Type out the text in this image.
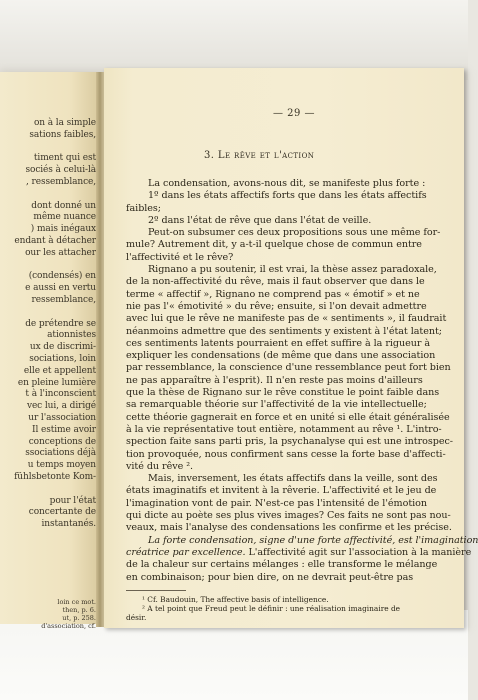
on à la simple
sations faibles,
timent qui est
sociés à celui-là
, ressemblance,
dont donné un
même nuance
) mais inégaux
endant à détacher
our les attacher
(condensés) en
e aussi en vertu
ressemblance,
de prétendre se
ationnistes
ux de discrimi-
sociations, loin
elle et appellent
en pleine lumière
t à l'inconscient
vec lui, a dirigé
ur l'association
Il estime avoir
conceptions de
ssociations déjà
u temps moyen
fühlsbetonte Kom-
pour l'état
concertante de
instantanés.
loin ce mot.
then, p. 6.
ut, p. 258.
d'association, cf.
— 29 —
3. Le rêve et l'action
La condensation, avons-nous dit, se manifeste plus forte :
1º dans les états affectifs forts que dans les états affectifs
faibles;
2º dans l'état de rêve que dans l'état de veille.
Peut-on subsumer ces deux propositions sous une même for-
mule? Autrement dit, y a-t-il quelque chose de commun entre
l'affectivité et le rêve?
Rignano a pu soutenir, il est vrai, la thèse assez paradoxale,
de la non-affectivité du rêve, mais il faut observer que dans le
terme « affectif », Rignano ne comprend pas « émotif » et ne
nie pas l'« émotivité » du rêve; ensuite, si l'on devait admettre
avec lui que le rêve ne manifeste pas de « sentiments », il faudrait
néanmoins admettre que des sentiments y existent à l'état latent;
ces sentiments latents pourraient en effet suffire à la rigueur à
expliquer les condensations (de même que dans une association
par ressemblance, la conscience d'une ressemblance peut fort bien
ne pas apparaître à l'esprit). Il n'en reste pas moins d'ailleurs
que la thèse de Rignano sur le rêve constitue le point faible dans
sa remarquable théorie sur l'affectivité de la vie intellectuelle;
cette théorie gagnerait en force et en unité si elle était généralisée
à la vie représentative tout entière, notamment au rêve ¹. L'intro-
spection faite sans parti pris, la psychanalyse qui est une introspec-
tion provoquée, nous confirment sans cesse la forte base d'affecti-
vité du rêve ².
Mais, inversement, les états affectifs dans la veille, sont des
états imaginatifs et invitent à la rêverie. L'affectivité et le jeu de
l'imagination vont de pair. N'est-ce pas l'intensité de l'émotion
qui dicte au poète ses plus vives images? Ces faits ne sont pas nou-
veaux, mais l'analyse des condensations les confirme et les précise.
La forte condensation, signe d'une forte affectivité, est l'imagination
créatrice par excellence. L'affectivité agit sur l'association à la manière
de la chaleur sur certains mélanges : elle transforme le mélange
en combinaison; pour bien dire, on ne devrait peut-être pas
¹ Cf. Baudouin, The affective basis of intelligence.
² A tel point que Freud peut le définir : une réalisation imaginaire de
désir.
